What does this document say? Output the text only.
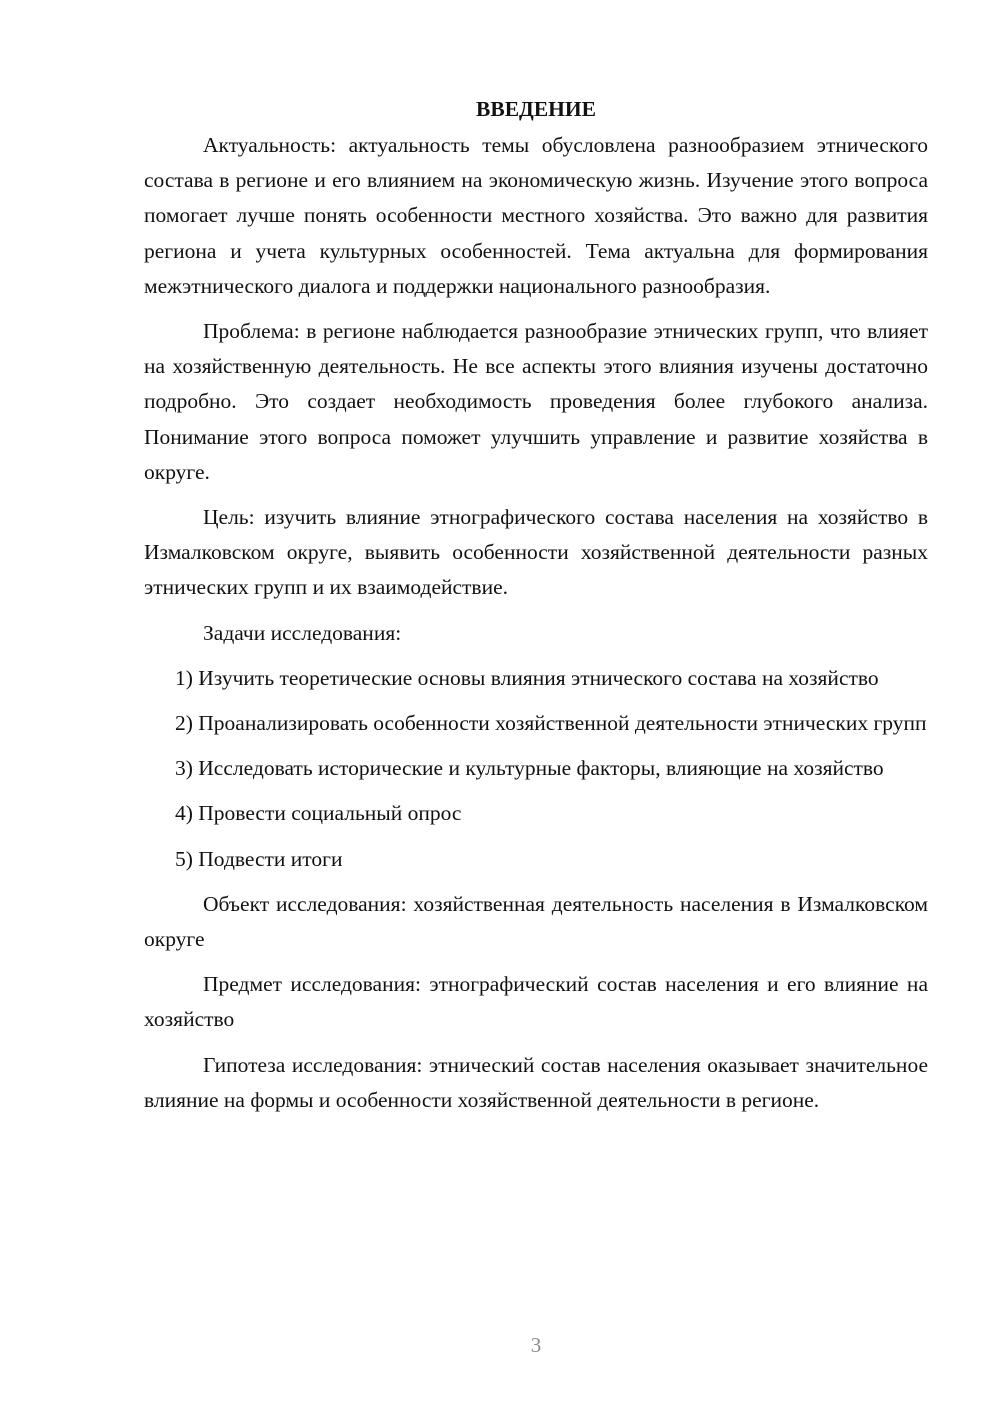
ВВЕДЕНИЕ

Актуальность: актуальность темы обусловлена разнообразием этнического состава в регионе и его влиянием на экономическую жизнь. Изучение этого вопроса помогает лучше понять особенности местного хозяйства. Это важно для развития региона и учета культурных особенностей. Тема актуальна для формирования межэтнического диалога и поддержки национального разнообразия.

Проблема: в регионе наблюдается разнообразие этнических групп, что влияет на хозяйственную деятельность. Не все аспекты этого влияния изучены достаточно подробно. Это создает необходимость проведения более глубокого анализа. Понимание этого вопроса поможет улучшить управление и развитие хозяйства в округе.

Цель: изучить влияние этнографического состава населения на хозяйство в Измалковском округе, выявить особенности хозяйственной деятельности разных этнических групп и их взаимодействие.

Задачи исследования:

1) Изучить теоретические основы влияния этнического состава на хозяйство

2) Проанализировать особенности хозяйственной деятельности этнических групп

3) Исследовать исторические и культурные факторы, влияющие на хозяйство

4) Провести социальный опрос

5) Подвести итоги

Объект исследования: хозяйственная деятельность населения в Измалковском округе

Предмет исследования: этнографический состав населения и его влияние на хозяйство

Гипотеза исследования: этнический состав населения оказывает значительное влияние на формы и особенности хозяйственной деятельности в регионе.

3
